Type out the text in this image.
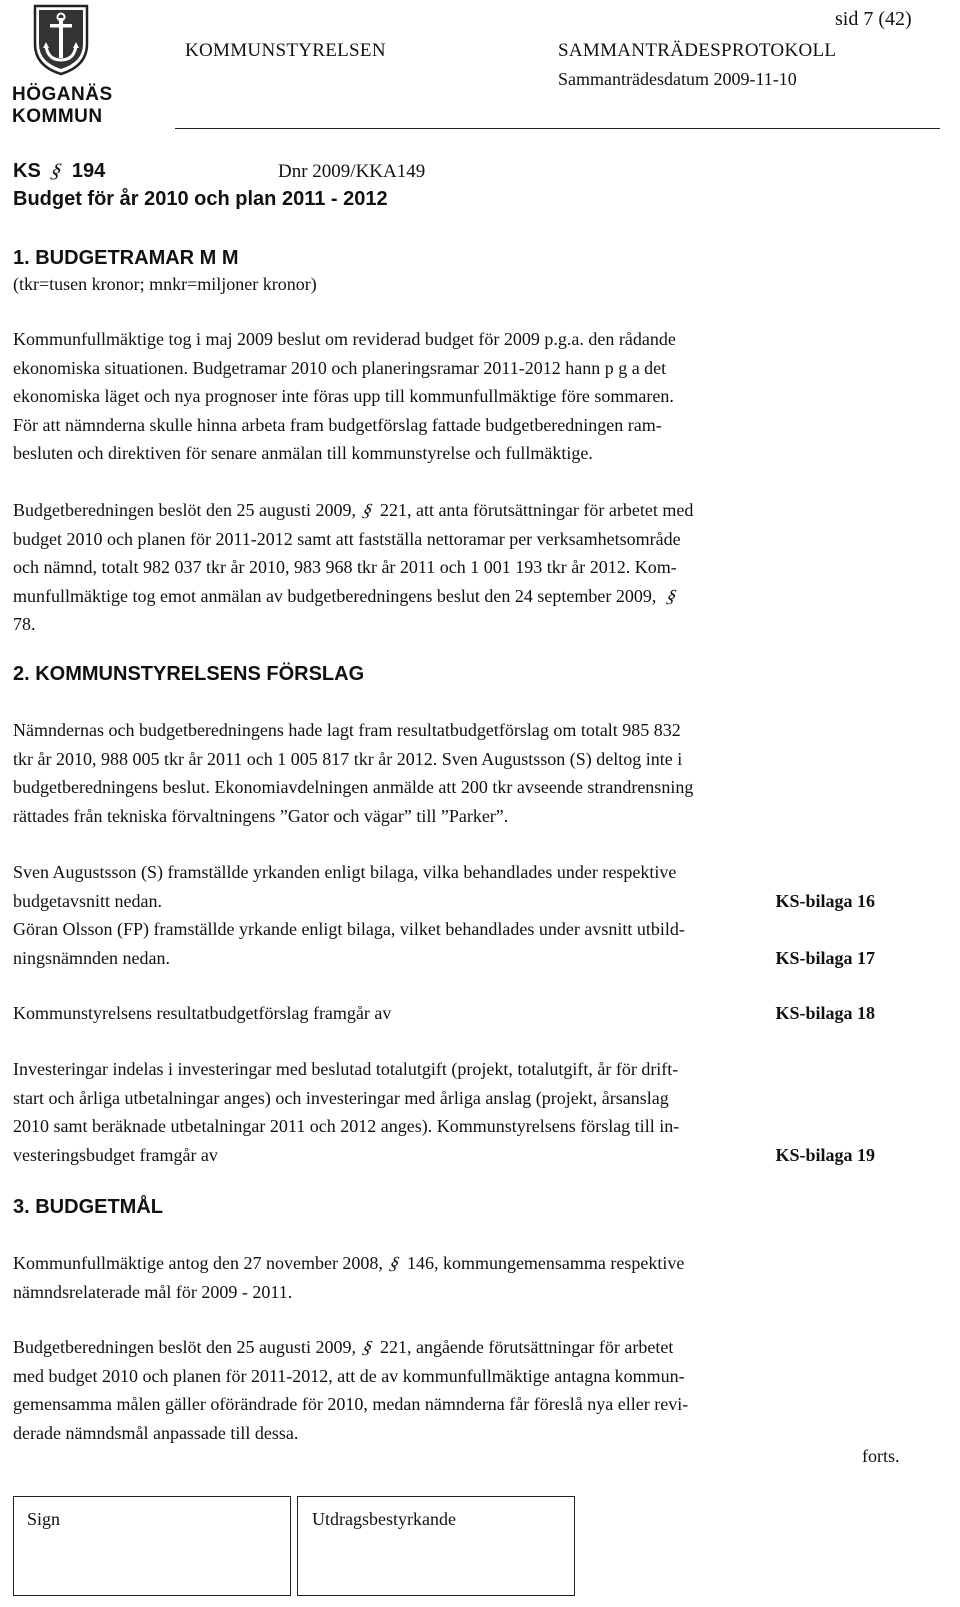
HÖGANÄS
KOMMUN
sid 7 (42)
KOMMUNSTYRELSEN	SAMMANTRÄDESPROTOKOLL
Sammanträdesdatum 2009-11-10
KS § 194	Dnr 2009/KKA149
Budget för år 2010 och plan 2011 - 2012
1. BUDGETRAMAR M M
(tkr=tusen kronor; mnkr=miljoner kronor)
Kommunfullmäktige tog i maj 2009 beslut om reviderad budget för 2009 p.g.a. den rådande
ekonomiska situationen. Budgetramar 2010 och planeringsramar 2011-2012 hann p g a det
ekonomiska läget och nya prognoser inte föras upp till kommunfullmäktige före sommaren.
För att nämnderna skulle hinna arbeta fram budgetförslag fattade budgetberedningen ram-
besluten och direktiven för senare anmälan till kommunstyrelse och fullmäktige.
Budgetberedningen beslöt den 25 augusti 2009, § 221, att anta förutsättningar för arbetet med
budget 2010 och planen för 2011-2012 samt att fastställa nettoramar per verksamhetsområde
och nämnd, totalt 982 037 tkr år 2010, 983 968 tkr år 2011 och 1 001 193 tkr år 2012. Kom-
munfullmäktige tog emot anmälan av budgetberedningens beslut den 24 september 2009, §
78.
2. KOMMUNSTYRELSENS FÖRSLAG
Nämndernas och budgetberedningens hade lagt fram resultatbudgetförslag om totalt 985 832
tkr år 2010, 988 005 tkr år 2011 och 1 005 817 tkr år 2012. Sven Augustsson (S) deltog inte i
budgetberedningens beslut. Ekonomiavdelningen anmälde att 200 tkr avseende strandrensning
rättades från tekniska förvaltningens ”Gator och vägar” till ”Parker”.
Sven Augustsson (S) framställde yrkanden enligt bilaga, vilka behandlades under respektive
budgetavsnitt nedan.	KS-bilaga 16
Göran Olsson (FP) framställde yrkande enligt bilaga, vilket behandlades under avsnitt utbild-
ningsnämnden nedan.	KS-bilaga 17
Kommunstyrelsens resultatbudgetförslag framgår av	KS-bilaga 18
Investeringar indelas i investeringar med beslutad totalutgift (projekt, totalutgift, år för drift-
start och årliga utbetalningar anges) och investeringar med årliga anslag (projekt, årsanslag
2010 samt beräknade utbetalningar 2011 och 2012 anges). Kommunstyrelsens förslag till in-
vesteringsbudget framgår av	KS-bilaga 19
3. BUDGETMÅL
Kommunfullmäktige antog den 27 november 2008, § 146, kommungemensamma respektive
nämndsrelaterade mål för 2009 - 2011.
Budgetberedningen beslöt den 25 augusti 2009, § 221, angående förutsättningar för arbetet
med budget 2010 och planen för 2011-2012, att de av kommunfullmäktige antagna kommun-
gemensamma målen gäller oförändrade för 2010, medan nämnderna får föreslå nya eller revi-
derade nämndsmål anpassade till dessa.
forts.
Sign	Utdragsbestyrkande
